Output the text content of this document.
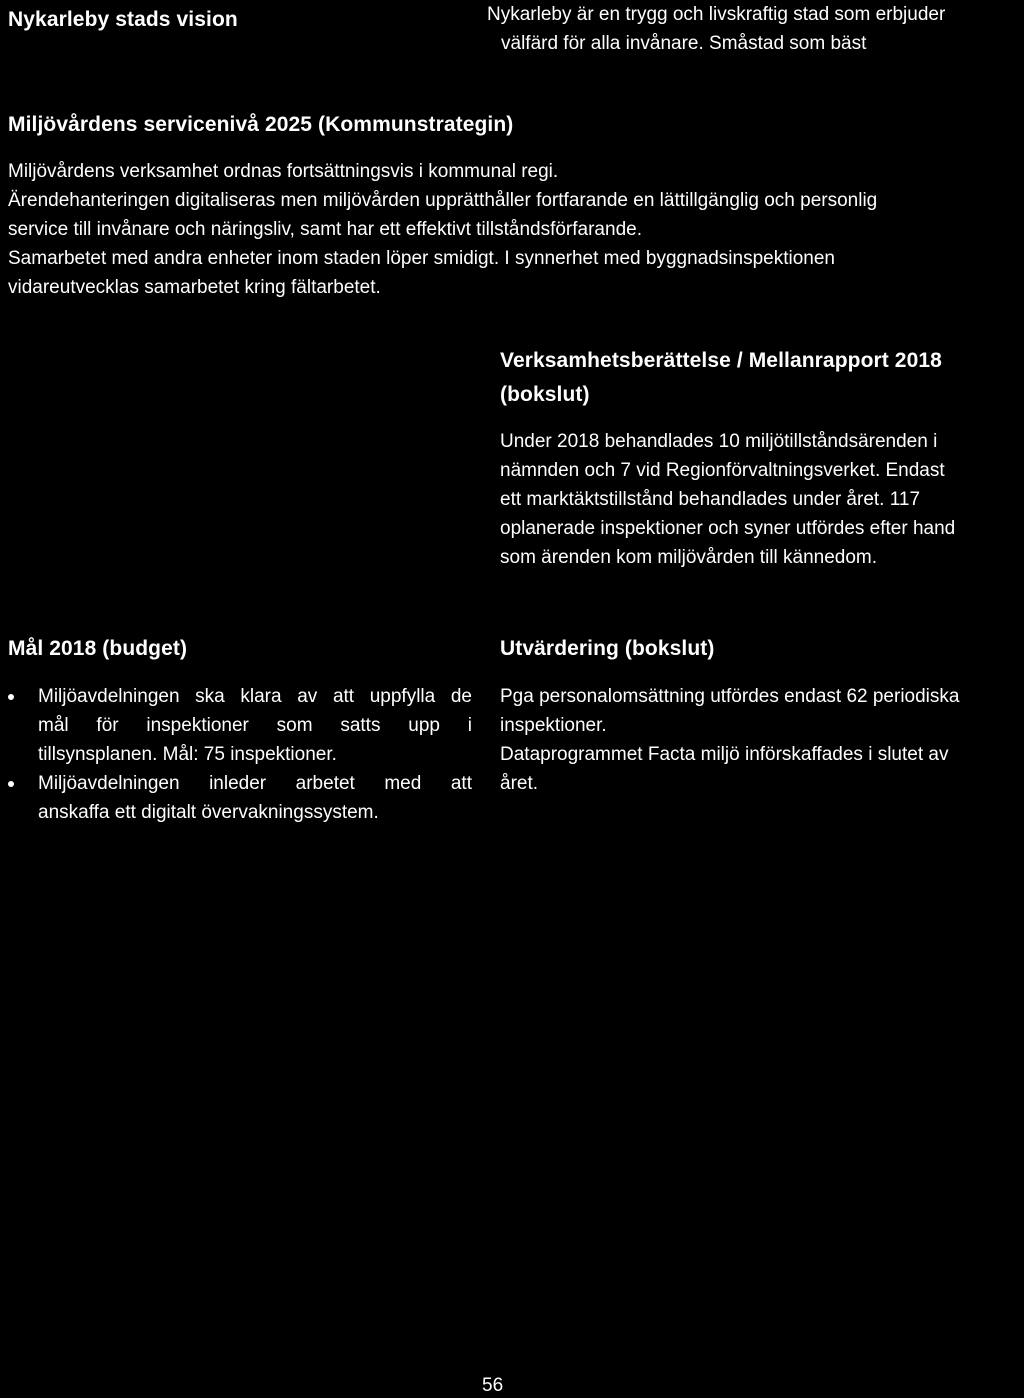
Nykarleby stads vision	Nykarleby är en trygg och livskraftig stad som erbjuder
välfärd för alla invånare. Småstad som bäst
Miljövårdens servicenivå 2025 (Kommunstrategin)
Miljövårdens verksamhet ordnas fortsättningsvis i kommunal regi.
Ärendehanteringen digitaliseras men miljövården upprätthåller fortfarande en lättillgänglig och personlig
service till invånare och näringsliv, samt har ett effektivt tillståndsförfarande.
Samarbetet med andra enheter inom staden löper smidigt. I synnerhet med byggnadsinspektionen
vidareutvecklas samarbetet kring fältarbetet.
Verksamhetsberättelse / Mellanrapport 2018
(bokslut)
Under 2018 behandlades 10 miljötillståndsärenden i
nämnden och 7 vid Regionförvaltningsverket. Endast
ett marktäktstillstånd behandlades under året. 117
oplanerade inspektioner och syner utfördes efter hand
som ärenden kom miljövården till kännedom.
Mål 2018 (budget)
Miljöavdelningen ska klara av att uppfylla de
mål för inspektioner som satts upp i
tillsynsplanen. Mål: 75 inspektioner.
Miljöavdelningen inleder arbetet med att
anskaffa ett digitalt övervakningssystem.
Utvärdering (bokslut)
Pga personalomsättning utfördes endast 62 periodiska
inspektioner.
Dataprogrammet Facta miljö införskaffades i slutet av
året.
56
